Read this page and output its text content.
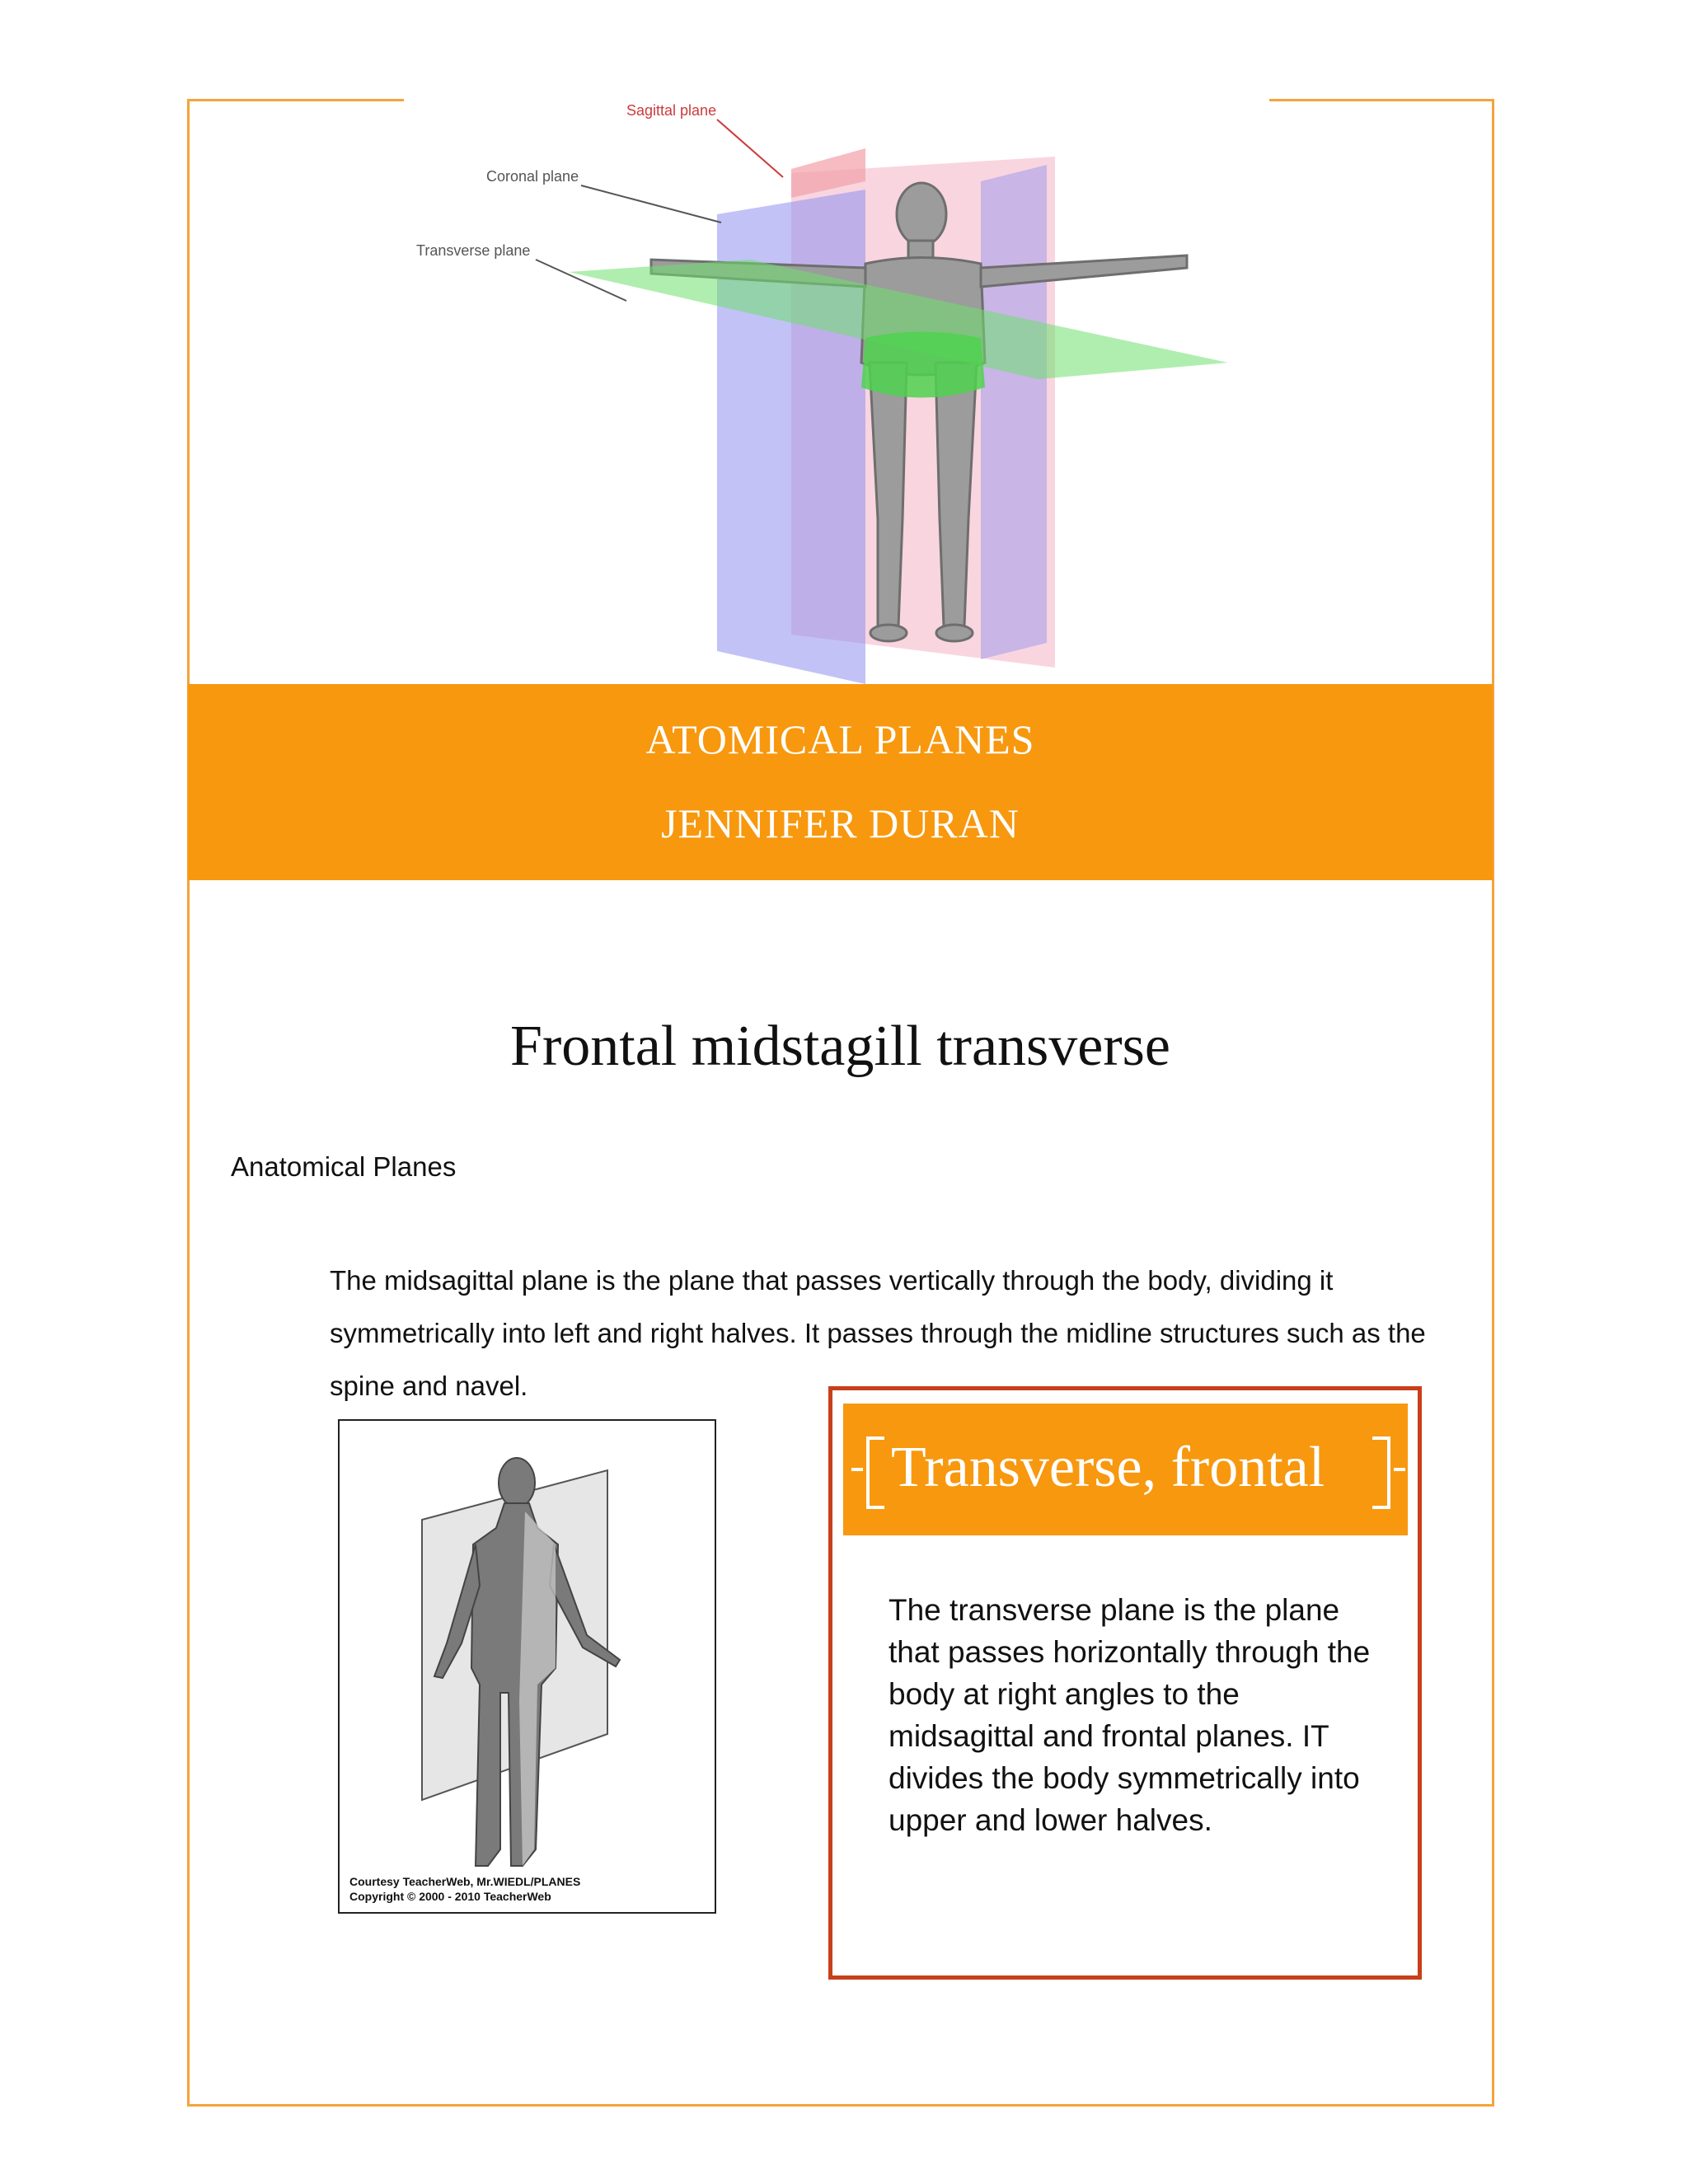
Sagittal plane
Coronal plane
Transverse plane
ATOMICAL PLANES
JENNIFER DURAN
Frontal midstagill transverse
Anatomical Planes
The midsagittal plane is the plane that passes vertically through the body, dividing it symmetrically into left and right halves. It passes through the midline structures such as the spine and navel.
Courtesy TeacherWeb, Mr.WIEDL/PLANES
Copyright © 2000 - 2010 TeacherWeb
Transverse, frontal
The transverse plane is the plane that passes horizontally through the body at right angles to the midsagittal and frontal planes. IT divides the body symmetrically into upper and lower halves.
